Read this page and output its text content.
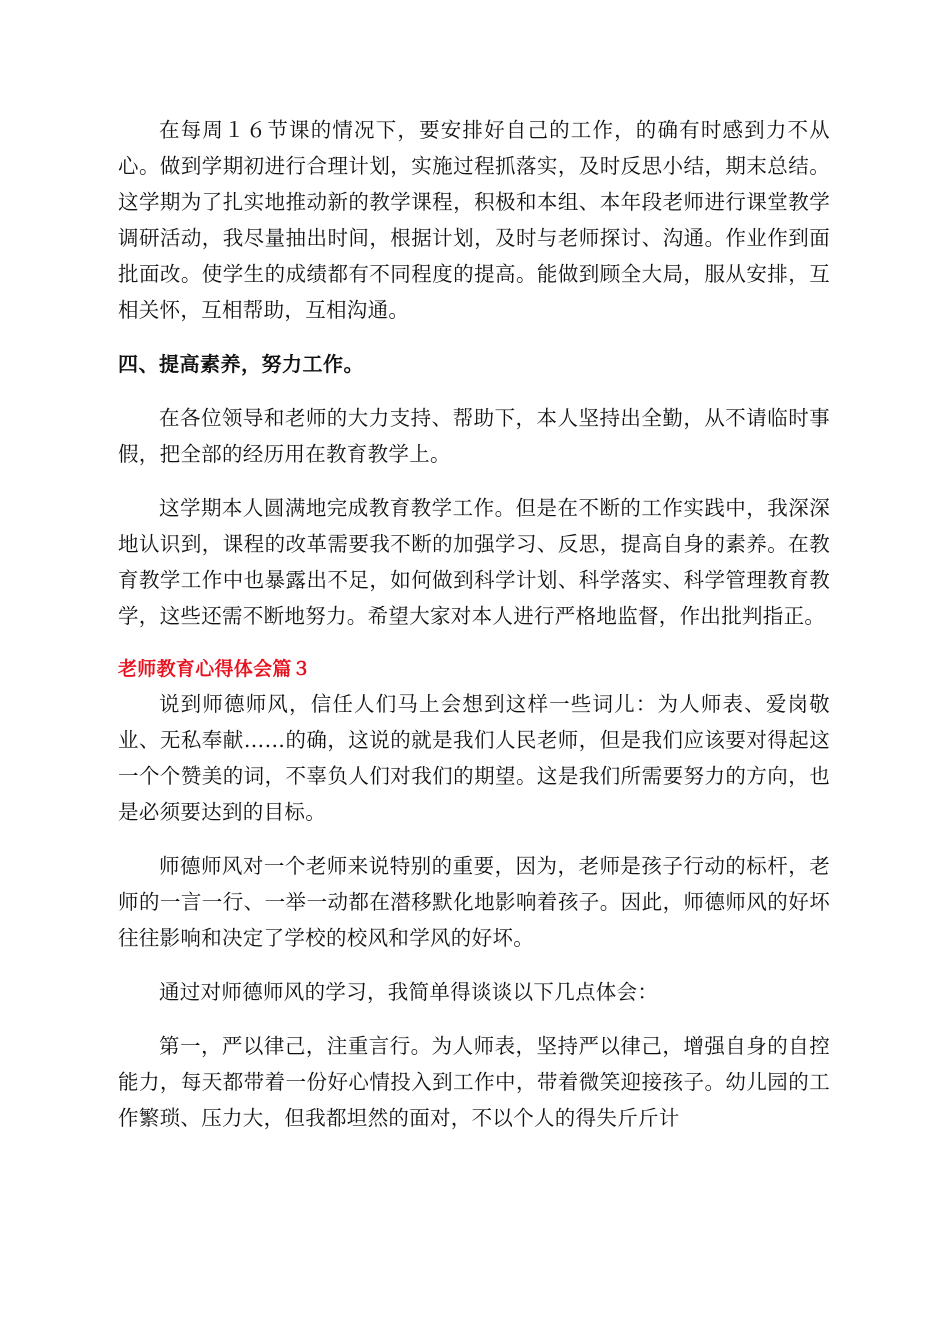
在每周１６节课的情况下，要安排好自己的工作，的确有时感到力不从心。做到学期初进行合理计划，实施过程抓落实，及时反思小结，期末总结。这学期为了扎实地推动新的教学课程，积极和本组、本年段老师进行课堂教学调研活动，我尽量抽出时间，根据计划，及时与老师探讨、沟通。作业作到面批面改。使学生的成绩都有不同程度的提高。能做到顾全大局，服从安排，互相关怀，互相帮助，互相沟通。

四、提高素养，努力工作。

在各位领导和老师的大力支持、帮助下，本人坚持出全勤，从不请临时事假，把全部的经历用在教育教学上。

这学期本人圆满地完成教育教学工作。但是在不断的工作实践中，我深深地认识到，课程的改革需要我不断的加强学习、反思，提高自身的素养。在教育教学工作中也暴露出不足，如何做到科学计划、科学落实、科学管理教育教学，这些还需不断地努力。希望大家对本人进行严格地监督，作出批判指正。

老师教育心得体会篇３

说到师德师风，信任人们马上会想到这样一些词儿：为人师表、爱岗敬业、无私奉献……的确，这说的就是我们人民老师，但是我们应该要对得起这一个个赞美的词，不辜负人们对我们的期望。这是我们所需要努力的方向，也是必须要达到的目标。

师德师风对一个老师来说特别的重要，因为，老师是孩子行动的标杆，老师的一言一行、一举一动都在潜移默化地影响着孩子。因此，师德师风的好坏往往影响和决定了学校的校风和学风的好坏。

通过对师德师风的学习，我简单得谈谈以下几点体会：

第一，严以律己，注重言行。为人师表，坚持严以律己，增强自身的自控能力，每天都带着一份好心情投入到工作中，带着微笑迎接孩子。幼儿园的工作繁琐、压力大，但我都坦然的面对，不以个人的得失斤斤计
